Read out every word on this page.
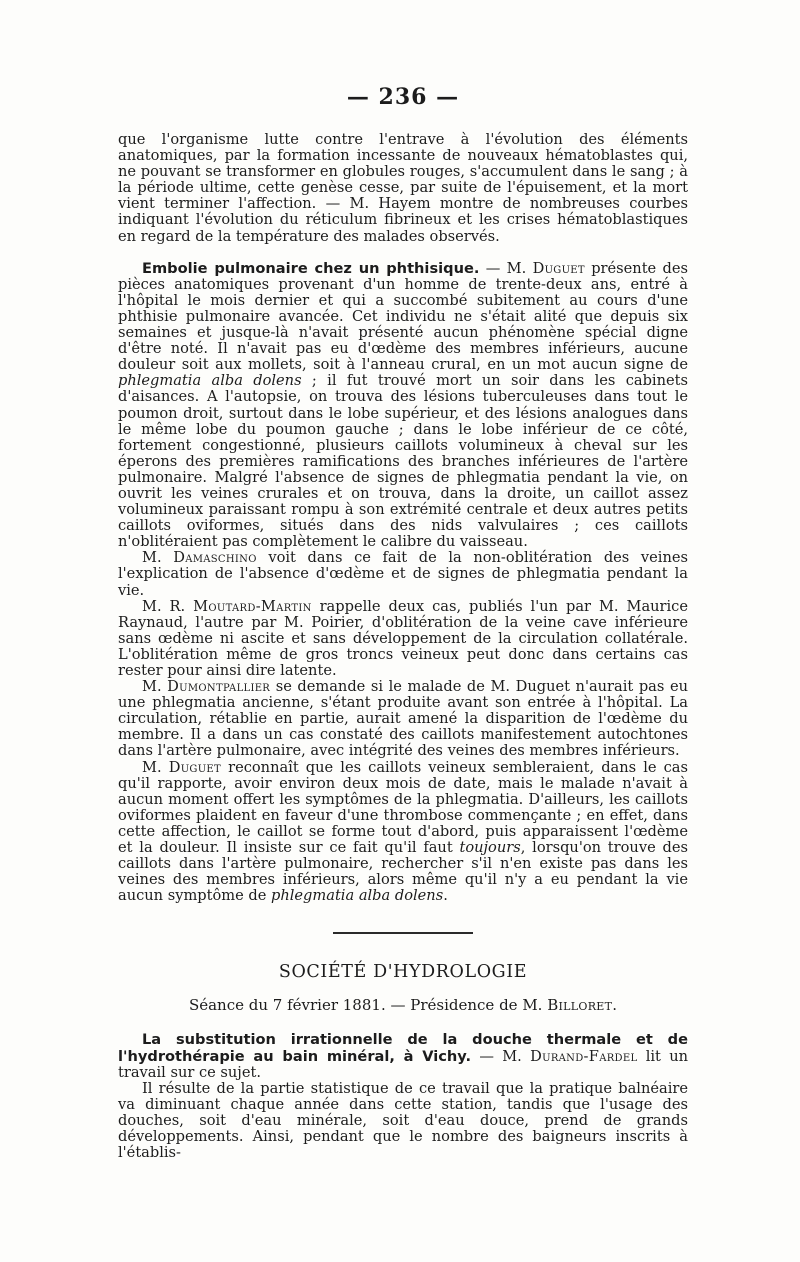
— 236 —

que l'organisme lutte contre l'entrave à l'évolution des éléments anatomiques, par la formation incessante de nouveaux hématoblastes qui, ne pouvant se transformer en globules rouges, s'accumulent dans le sang ; à la période ultime, cette genèse cesse, par suite de l'épuisement, et la mort vient terminer l'affection. — M. Hayem montre de nombreuses courbes indiquant l'évolution du réticulum fibrineux et les crises hématoblastiques en regard de la température des malades observés.

Embolie pulmonaire chez un phthisique. — M. Duguet présente des pièces anatomiques provenant d'un homme de trente-deux ans, entré à l'hôpital le mois dernier et qui a succombé subitement au cours d'une phthisie pulmonaire avancée. Cet individu ne s'était alité que depuis six semaines et jusque-là n'avait présenté aucun phénomène spécial digne d'être noté. Il n'avait pas eu d'œdème des membres inférieurs, aucune douleur soit aux mollets, soit à l'anneau crural, en un mot aucun signe de phlegmatia alba dolens ; il fut trouvé mort un soir dans les cabinets d'aisances. A l'autopsie, on trouva des lésions tuberculeuses dans tout le poumon droit, surtout dans le lobe supérieur, et des lésions analogues dans le même lobe du poumon gauche ; dans le lobe inférieur de ce côté, fortement congestionné, plusieurs caillots volumineux à cheval sur les éperons des premières ramifications des branches inférieures de l'artère pulmonaire. Malgré l'absence de signes de phlegmatia pendant la vie, on ouvrit les veines crurales et on trouva, dans la droite, un caillot assez volumineux paraissant rompu à son extrémité centrale et deux autres petits caillots oviformes, situés dans des nids valvulaires ; ces caillots n'oblitéraient pas complètement le calibre du vaisseau.

M. Damaschino voit dans ce fait de la non-oblitération des veines l'explication de l'absence d'œdème et de signes de phlegmatia pendant la vie.

M. R. Moutard-Martin rappelle deux cas, publiés l'un par M. Maurice Raynaud, l'autre par M. Poirier, d'oblitération de la veine cave inférieure sans œdème ni ascite et sans développement de la circulation collatérale. L'oblitération même de gros troncs veineux peut donc dans certains cas rester pour ainsi dire latente.

M. Dumontpallier se demande si le malade de M. Duguet n'aurait pas eu une phlegmatia ancienne, s'étant produite avant son entrée à l'hôpital. La circulation, rétablie en partie, aurait amené la disparition de l'œdème du membre. Il a dans un cas constaté des caillots manifestement autochtones dans l'artère pulmonaire, avec intégrité des veines des membres inférieurs.

M. Duguet reconnaît que les caillots veineux sembleraient, dans le cas qu'il rapporte, avoir environ deux mois de date, mais le malade n'avait à aucun moment offert les symptômes de la phlegmatia. D'ailleurs, les caillots oviformes plaident en faveur d'une thrombose commençante ; en effet, dans cette affection, le caillot se forme tout d'abord, puis apparaissent l'œdème et la douleur. Il insiste sur ce fait qu'il faut toujours, lorsqu'on trouve des caillots dans l'artère pulmonaire, rechercher s'il n'en existe pas dans les veines des membres inférieurs, alors même qu'il n'y a eu pendant la vie aucun symptôme de phlegmatia alba dolens.

SOCIÉTÉ D'HYDROLOGIE
Séance du 7 février 1881. — Présidence de M. Billoret.

La substitution irrationnelle de la douche thermale et de l'hydrothérapie au bain minéral, à Vichy. — M. Durand-Fardel lit un travail sur ce sujet.

Il résulte de la partie statistique de ce travail que la pratique balnéaire va diminuant chaque année dans cette station, tandis que l'usage des douches, soit d'eau minérale, soit d'eau douce, prend de grands développements. Ainsi, pendant que le nombre des baigneurs inscrits à l'établis-
